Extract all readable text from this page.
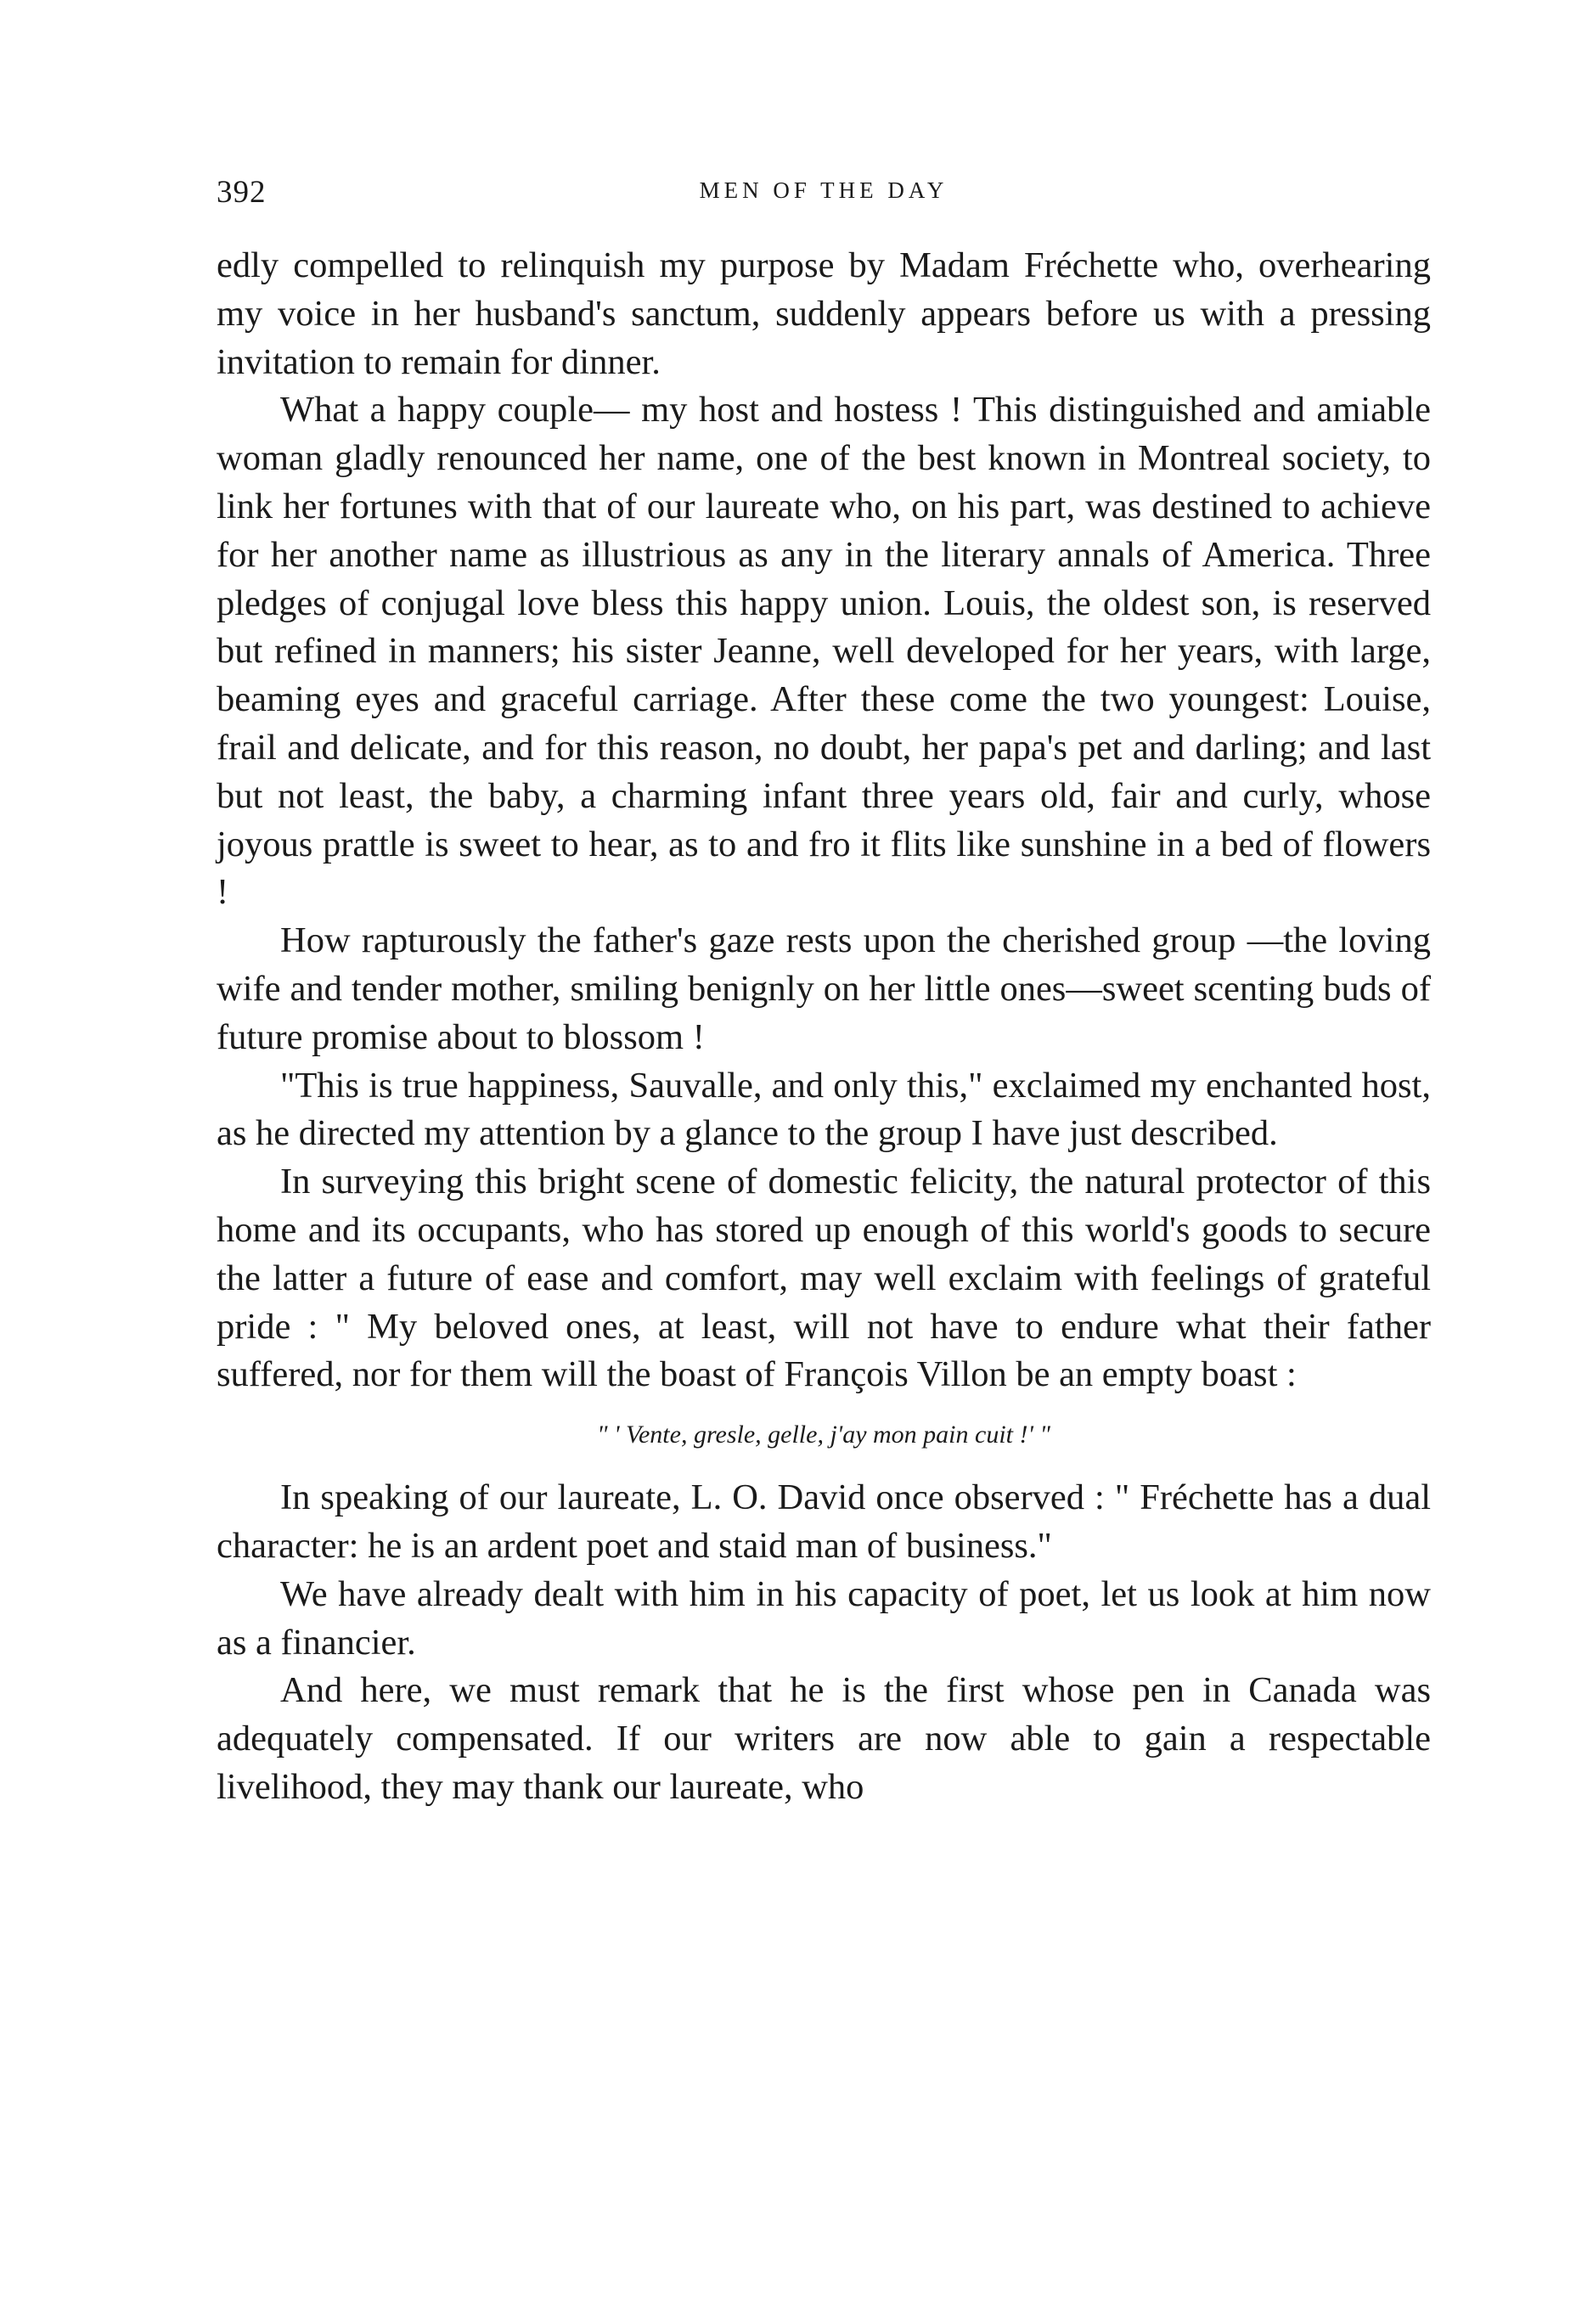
392	MEN OF THE DAY

edly compelled to relinquish my purpose by Madam Fréchette who, overhearing my voice in her husband's sanctum, suddenly appears before us with a pressing invitation to remain for dinner.

What a happy couple— my host and hostess ! This distinguished and amiable woman gladly renounced her name, one of the best known in Montreal society, to link her fortunes with that of our laureate who, on his part, was destined to achieve for her another name as illustrious as any in the literary annals of America. Three pledges of conjugal love bless this happy union. Louis, the oldest son, is reserved but refined in manners; his sister Jeanne, well developed for her years, with large, beaming eyes and graceful carriage. After these come the two youngest: Louise, frail and delicate, and for this reason, no doubt, her papa's pet and darling; and last but not least, the baby, a charming infant three years old, fair and curly, whose joyous prattle is sweet to hear, as to and fro it flits like sunshine in a bed of flowers !

How rapturously the father's gaze rests upon the cherished group —the loving wife and tender mother, smiling benignly on her little ones—sweet scenting buds of future promise about to blossom !

"This is true happiness, Sauvalle, and only this," exclaimed my enchanted host, as he directed my attention by a glance to the group I have just described.

In surveying this bright scene of domestic felicity, the natural protector of this home and its occupants, who has stored up enough of this world's goods to secure the latter a future of ease and comfort, may well exclaim with feelings of grateful pride : " My beloved ones, at least, will not have to endure what their father suffered, nor for them will the boast of François Villon be an empty boast :

" ' Vente, gresle, gelle, j'ay mon pain cuit !' "

In speaking of our laureate, L. O. David once observed : " Fréchette has a dual character: he is an ardent poet and staid man of business."

We have already dealt with him in his capacity of poet, let us look at him now as a financier.

And here, we must remark that he is the first whose pen in Canada was adequately compensated. If our writers are now able to gain a respectable livelihood, they may thank our laureate, who
